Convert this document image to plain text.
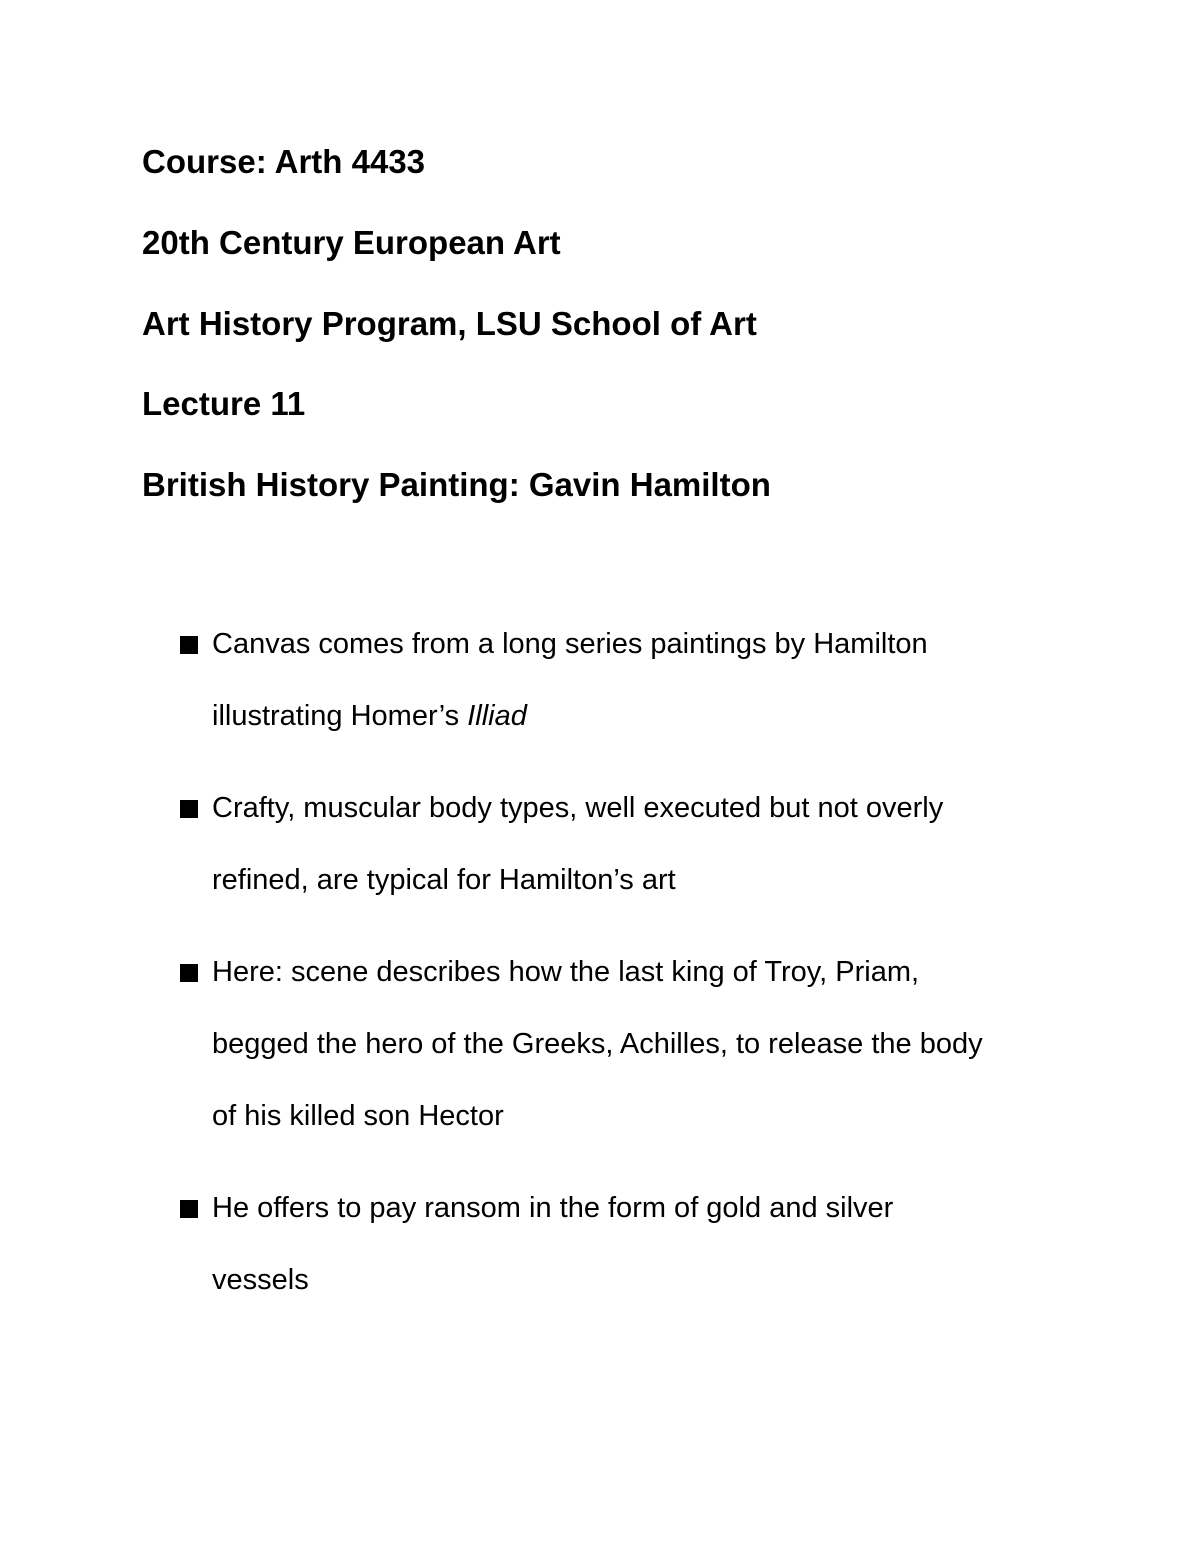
Course: Arth 4433
20th Century European Art
Art History Program, LSU School of Art
Lecture 11
British History Painting: Gavin Hamilton
Canvas comes from a long series paintings by Hamilton
illustrating Homer’s Illiad
Crafty, muscular body types, well executed but not overly
refined, are typical for Hamilton’s art
Here: scene describes how the last king of Troy, Priam,
begged the hero of the Greeks, Achilles, to release the body
of his killed son Hector
He offers to pay ransom in the form of gold and silver
vessels
